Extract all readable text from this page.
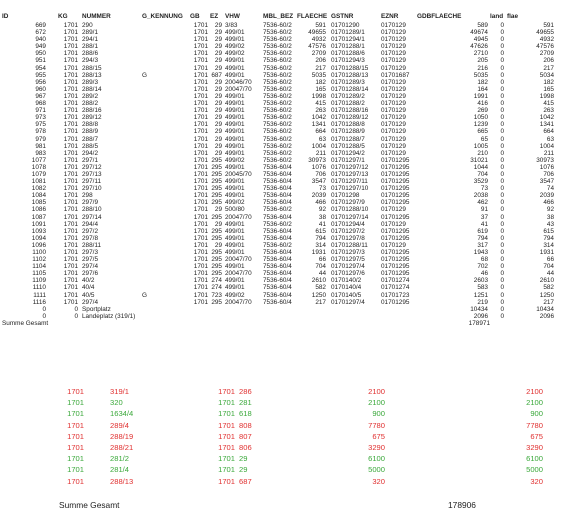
ID	KG	NUMMER	G_KENNUNG	GB	EZ	VHW	MBL_BEZ	FLAECHE	GSTNR	EZNR	GDBFLAECHE	land	flae
669	1701	290		1701	29	3/83	7536-60/2	591	01701290	0170129	589	0	591
672	1701	289/1		1701	29	499/01	7536-60/2	49655	01701289/1	0170129	49674	0	49655
940	1701	294/1		1701	29	499/01	7536-60/2	4932	01701294/1	0170129	4945	0	4932
949	1701	288/1		1701	29	499/02	7536-60/2	47576	01701288/1	0170129	47626	0	47576
950	1701	288/6		1701	29	499/02	7536-60/2	2709	01701288/6	0170129	2710	0	2709
951	1701	294/3		1701	29	499/01	7536-60/2	206	01701294/3	0170129	205	0	206
954	1701	288/15		1701	29	499/01	7536-60/2	217	01701288/15	0170129	216	0	217
955	1701	288/13	G	1701	687	499/01	7536-60/2	5035	01701288/13	01701687	5035	0	5034
956	1701	289/3		1701	29	20046/70	7536-60/2	182	01701289/3	0170129	182	0	182
960	1701	288/14		1701	29	20047/70	7536-60/2	165	01701288/14	0170129	164	0	165
967	1701	289/2		1701	29	499/01	7536-60/2	1998	01701289/2	0170129	1991	0	1998
968	1701	288/2		1701	29	499/01	7536-60/2	415	01701288/2	0170129	416	0	415
971	1701	288/16		1701	29	499/01	7536-60/2	263	01701288/16	0170129	269	0	263
973	1701	289/12		1701	29	499/01	7536-60/2	1042	01701289/12	0170129	1050	0	1042
975	1701	288/8		1701	29	499/01	7536-60/2	1341	01701288/8	0170129	1239	0	1341
978	1701	288/9		1701	29	499/01	7536-60/2	664	01701288/9	0170129	665	0	664
979	1701	288/7		1701	29	499/01	7536-60/2	63	01701288/7	0170129	65	0	63
981	1701	288/5		1701	29	499/01	7536-60/2	1004	01701288/5	0170129	1005	0	1004
983	1701	294/2		1701	29	499/01	7536-60/2	211	01701294/2	0170129	210	0	211
1077	1701	297/1		1701	295	499/02	7536-60/2	30973	01701297/1	01701295	31021	0	30973
1078	1701	297/12		1701	295	499/01	7536-60/4	1076	01701297/12	01701295	1044	0	1076
1079	1701	297/13		1701	295	20045/70	7536-60/4	706	01701297/13	01701295	704	0	706
1081	1701	297/11		1701	295	499/01	7536-60/4	3547	01701297/11	01701295	3529	0	3547
1082	1701	297/10		1701	295	499/01	7536-60/4	73	01701297/10	01701295	73	0	74
1084	1701	298		1701	295	499/01	7536-60/4	2039	01701298	01701295	2038	0	2039
1085	1701	297/9		1701	295	499/02	7536-60/4	466	01701297/9	01701295	462	0	466
1086	1701	288/10		1701	29	500/80	7536-60/2	92	01701288/10	0170129	91	0	92
1087	1701	297/14		1701	295	20047/70	7536-60/4	38	01701297/14	01701295	37	0	38
1091	1701	294/4		1701	29	499/01	7536-60/2	41	01701294/4	0170129	41	0	43
1093	1701	297/2		1701	295	499/01	7536-60/4	615	01701297/2	01701295	619	0	615
1094	1701	297/8		1701	295	499/01	7536-60/4	794	01701297/8	01701295	794	0	794
1096	1701	288/11		1701	29	499/01	7536-60/2	314	01701288/11	0170129	317	0	314
1100	1701	297/3		1701	295	499/01	7536-60/4	1931	01701297/3	01701295	1943	0	1931
1102	1701	297/5		1701	295	20047/70	7536-60/4	66	01701297/5	01701295	68	0	66
1104	1701	297/4		1701	295	499/01	7536-60/4	704	01701297/4	01701295	702	0	704
1105	1701	297/6		1701	295	20047/70	7536-60/4	44	01701297/6	01701295	46	0	44
1109	1701	40/2		1701	274	499/01	7536-60/4	2610	0170140/2	01701274	2603	0	2610
1110	1701	40/4		1701	274	499/01	7536-60/4	582	0170140/4	01701274	583	0	582
1111	1701	40/5	G	1701	723	499/02	7536-60/4	1250	0170140/5	01701723	1251	0	1250
1116	1701	297/4		1701	295	20047/70	7536-60/4	217	01701297/4	01701295	219	0	217
0	0	Sportplatz									10434	0	10434
0	0	Landeplatz (319/1)									2096	0	2096
Summe Gesamt											178971		
1701		319/1	1701	286	2100		2100	
1701		320	1701	281	2100		2100	
1701		1634/4	1701	618	900		900	
1701		289/4	1701	808	7780		7780	
1701		288/19	1701	807	675		675	
1701		288/21	1701	806	3290		3290	
1701		281/2	1701	29	6100		6100	
1701		281/4	1701	29	5000		5000	
1701		288/13	1701	687	320		320	
Summe Gesamt	178906
